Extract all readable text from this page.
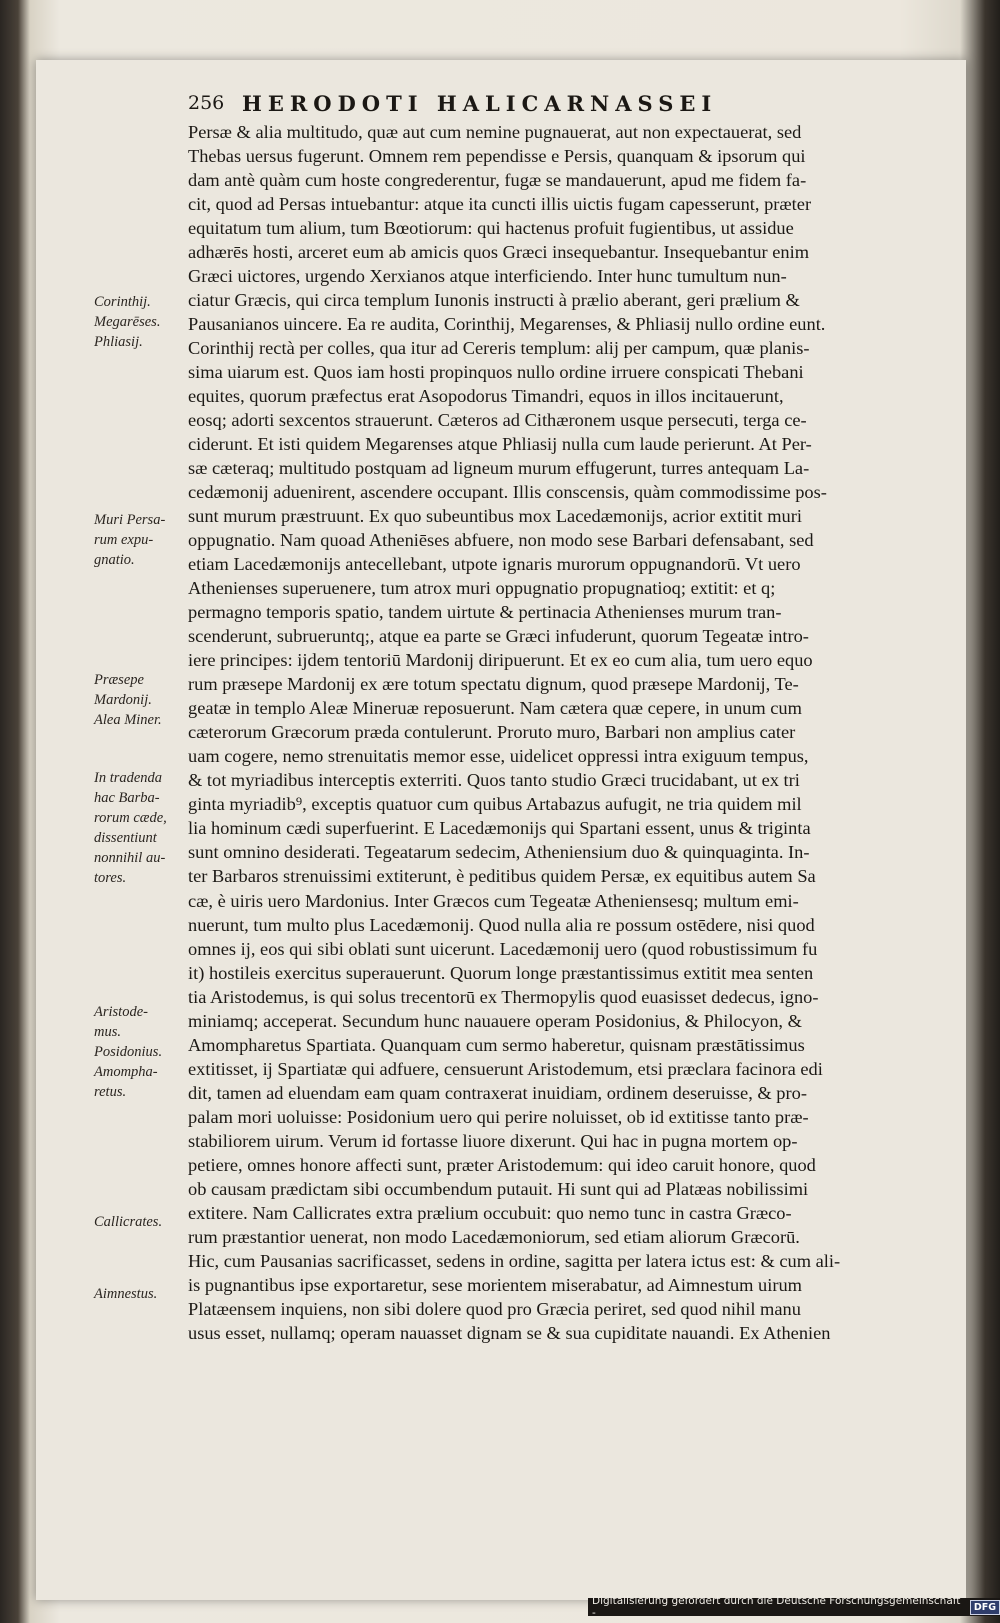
256 HERODOTI HALICARNASSEI
Persæ & alia multitudo, quæ aut cum nemine pugnauerat, aut non expectauerat, sed
Thebas uersus fugerunt. Omnem rem pependisse e Persis, quanquam & ipsorum qui
dam antè quàm cum hoste congrederentur, fugæ se mandauerunt, apud me fidem fa-
cit, quod ad Persas intuebantur: atque ita cuncti illis uictis fugam capesserunt, præter
equitatum tum alium, tum Bœotiorum: qui hactenus profuit fugientibus, ut assidue
adhærēs hosti, arceret eum ab amicis quos Græci insequebantur. Insequebantur enim
Græci uictores, urgendo Xerxianos atque interficiendo. Inter hunc tumultum nun-
ciatur Græcis, qui circa templum Iunonis instructi à prælio aberant, geri prælium &
Pausanianos uincere. Ea re audita, Corinthij, Megarenses, & Phliasij nullo ordine eunt.
Corinthij rectà per colles, qua itur ad Cereris templum: alij per campum, quæ planis-
sima uiarum est. Quos iam hosti propinquos nullo ordine irruere conspicati Thebani
equites, quorum præfectus erat Asopodorus Timandri, equos in illos incitauerunt,
eosq; adorti sexcentos strauerunt. Cæteros ad Cithæronem usque persecuti, terga ce-
ciderunt. Et isti quidem Megarenses atque Phliasij nulla cum laude perierunt. At Per-
sæ cæteraq; multitudo postquam ad ligneum murum effugerunt, turres antequam La-
cedæmonij aduenirent, ascendere occupant. Illis conscensis, quàm commodissime pos-
sunt murum præstruunt. Ex quo subeuntibus mox Lacedæmonijs, acrior extitit muri
oppugnatio. Nam quoad Atheniēses abfuere, non modo sese Barbari defensabant, sed
etiam Lacedæmonijs antecellebant, utpote ignaris murorum oppugnandorū. Vt uero
Athenienses superuenere, tum atrox muri oppugnatio propugnatioq; extitit: et q;
permagno temporis spatio, tandem uirtute & pertinacia Athenienses murum tran-
scenderunt, subrueruntq;, atque ea parte se Græci infuderunt, quorum Tegeatæ intro-
iere principes: ijdem tentoriū Mardonij diripuerunt. Et ex eo cum alia, tum uero equo
rum præsepe Mardonij ex ære totum spectatu dignum, quod præsepe Mardonij, Te-
geatæ in templo Aleæ Mineruæ reposuerunt. Nam cætera quæ cepere, in unum cum
cæterorum Græcorum præda contulerunt. Proruto muro, Barbari non amplius cater
uam cogere, nemo strenuitatis memor esse, uidelicet oppressi intra exiguum tempus,
& tot myriadibus interceptis exterriti. Quos tanto studio Græci trucidabant, ut ex tri
ginta myriadib⁹, exceptis quatuor cum quibus Artabazus aufugit, ne tria quidem mil
lia hominum cædi superfuerint. E Lacedæmonijs qui Spartani essent, unus & triginta
sunt omnino desiderati. Tegeatarum sedecim, Atheniensium duo & quinquaginta. In-
ter Barbaros strenuissimi extiterunt, è peditibus quidem Persæ, ex equitibus autem Sa
cæ, è uiris uero Mardonius. Inter Græcos cum Tegeatæ Atheniensesq; multum emi-
nuerunt, tum multo plus Lacedæmonij. Quod nulla alia re possum ostēdere, nisi quod
omnes ij, eos qui sibi oblati sunt uicerunt. Lacedæmonij uero (quod robustissimum fu
it) hostileis exercitus superauerunt. Quorum longe præstantissimus extitit mea senten
tia Aristodemus, is qui solus trecentorū ex Thermopylis quod euasisset dedecus, igno-
miniamq; acceperat. Secundum hunc nauauere operam Posidonius, & Philocyon, &
Amompharetus Spartiata. Quanquam cum sermo haberetur, quisnam præstātissimus
extitisset, ij Spartiatæ qui adfuere, censuerunt Aristodemum, etsi præclara facinora edi
dit, tamen ad eluendam eam quam contraxerat inuidiam, ordinem deseruisse, & pro-
palam mori uoluisse: Posidonium uero qui perire noluisset, ob id extitisse tanto præ-
stabiliorem uirum. Verum id fortasse liuore dixerunt. Qui hac in pugna mortem op-
petiere, omnes honore affecti sunt, præter Aristodemum: qui ideo caruit honore, quod
ob causam prædictam sibi occumbendum putauit. Hi sunt qui ad Platæas nobilissimi
extitere. Nam Callicrates extra prælium occubuit: quo nemo tunc in castra Græco-
rum præstantior uenerat, non modo Lacedæmoniorum, sed etiam aliorum Græcorū.
Hic, cum Pausanias sacrificasset, sedens in ordine, sagitta per latera ictus est: & cum ali-
is pugnantibus ipse exportaretur, sese morientem miserabatur, ad Aimnestum uirum
Platæensem inquiens, non sibi dolere quod pro Græcia periret, sed quod nihil manu
usus esset, nullamq; operam nauasset dignam se & sua cupiditate nauandi. Ex Athenien
Corinthij.
Megarēses.
Phliasij.
Muri Persa-
rum expu-
gnatio.
Præsepe
Mardonij.
Alea Miner.
In tradenda
hac Barba-
rorum cæde,
dissentiunt
nonnihil au-
tores.
Aristode-
mus.
Posidonius.
Amompha-
retus.
Callicrates.
Aimnestus.
Digitalisierung gefördert durch die Deutsche Forschungsgemeinschaft -	DFG
